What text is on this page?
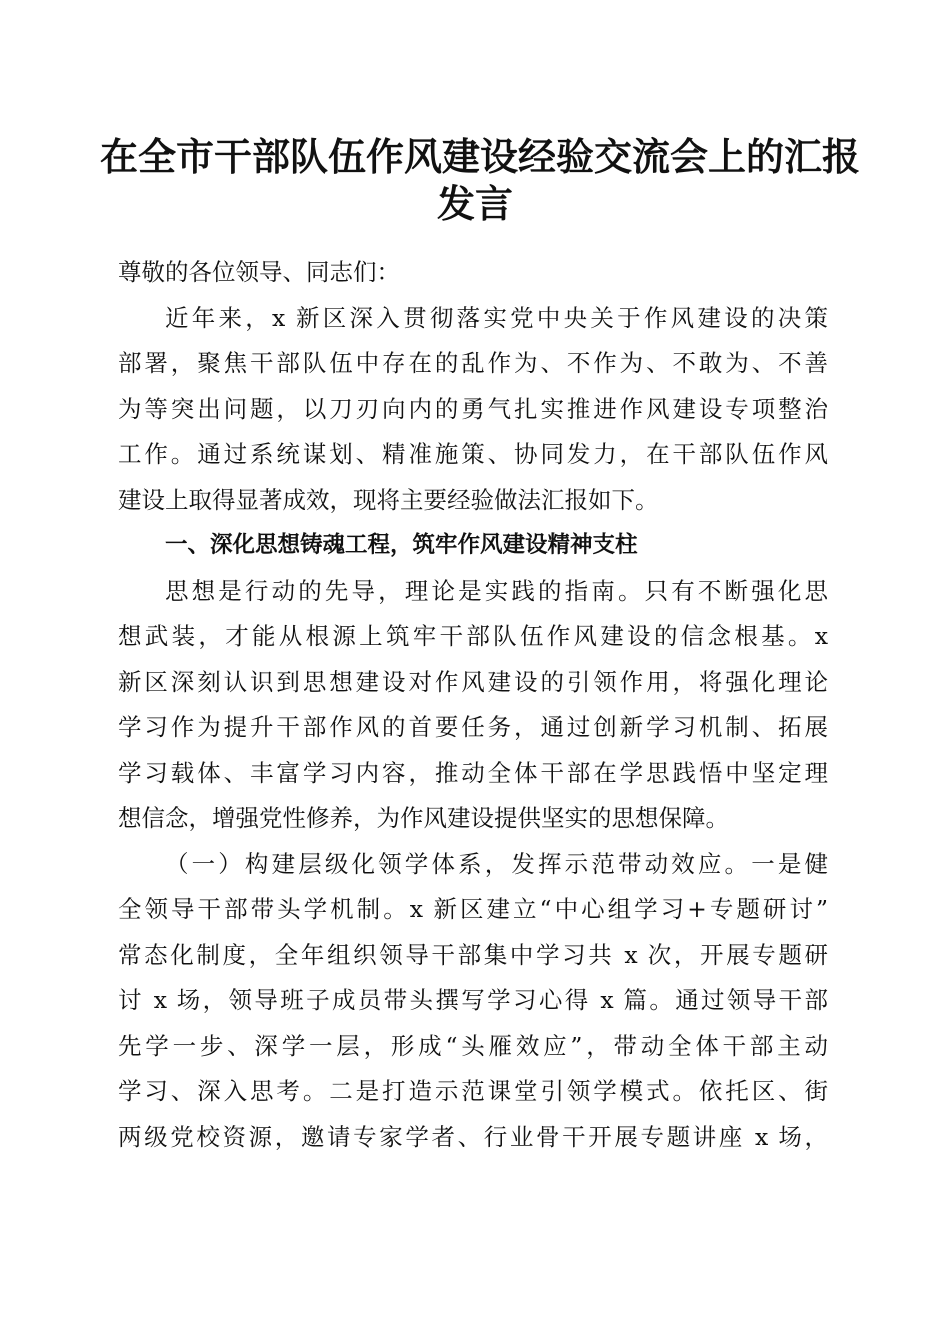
在全市干部队伍作风建设经验交流会上的汇报
发言
尊敬的各位领导、同志们：
近年来，x 新区深入贯彻落实党中央关于作风建设的决策
部署，聚焦干部队伍中存在的乱作为、不作为、不敢为、不善
为等突出问题，以刀刃向内的勇气扎实推进作风建设专项整治
工作。通过系统谋划、精准施策、协同发力，在干部队伍作风
建设上取得显著成效，现将主要经验做法汇报如下。
一、深化思想铸魂工程，筑牢作风建设精神支柱
思想是行动的先导，理论是实践的指南。只有不断强化思
想武装，才能从根源上筑牢干部队伍作风建设的信念根基。x
新区深刻认识到思想建设对作风建设的引领作用，将强化理论
学习作为提升干部作风的首要任务，通过创新学习机制、拓展
学习载体、丰富学习内容，推动全体干部在学思践悟中坚定理
想信念，增强党性修养，为作风建设提供坚实的思想保障。
（一）构建层级化领学体系，发挥示范带动效应。一是健
全领导干部带头学机制。x 新区建立“中心组学习+专题研讨”
常态化制度，全年组织领导干部集中学习共 x 次，开展专题研
讨 x 场，领导班子成员带头撰写学习心得 x 篇。通过领导干部
先学一步、深学一层，形成“头雁效应”，带动全体干部主动
学习、深入思考。二是打造示范课堂引领学模式。依托区、街
两级党校资源，邀请专家学者、行业骨干开展专题讲座 x 场，
